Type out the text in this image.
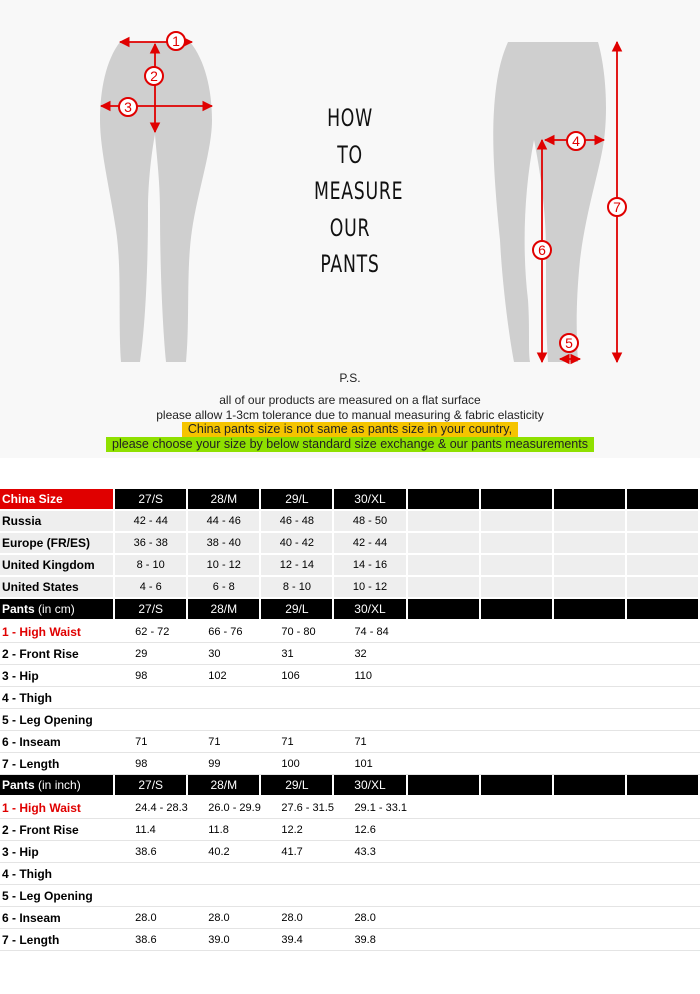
1
2
3
4
5
6
7
HOW
TO
MEASURE
OUR
PANTS
P.S.
all of our products are measured on a flat surface
please allow 1-3cm tolerance due to manual measuring & fabric elasticity
China pants size is not same as pants size in your country,
please choose your size by below standard size exchange & our pants measurements
China Size	27/S	28/M	29/L	30/XL				
Russia	42 - 44	44 - 46	46 - 48	48 - 50				
Europe (FR/ES)	36 - 38	38 - 40	40 - 42	42 - 44				
United Kingdom	8 - 10	10 - 12	12 - 14	14 - 16				
United States	4 - 6	6 - 8	8 - 10	10 - 12				
Pants (in cm)	27/S	28/M	29/L	30/XL				
1 - High Waist	62 - 72	66 - 76	70 - 80	74 - 84				
2 - Front Rise	29	30	31	32				
3 - Hip	98	102	106	110				
4 - Thigh								
5 - Leg Opening								
6 - Inseam	71	71	71	71				
7 - Length	98	99	100	101				
Pants (in inch)	27/S	28/M	29/L	30/XL				
1 - High Waist	24.4 - 28.3	26.0 - 29.9	27.6 - 31.5	29.1 - 33.1				
2 - Front Rise	11.4	11.8	12.2	12.6				
3 - Hip	38.6	40.2	41.7	43.3				
4 - Thigh								
5 - Leg Opening								
6 - Inseam	28.0	28.0	28.0	28.0				
7 - Length	38.6	39.0	39.4	39.8				
